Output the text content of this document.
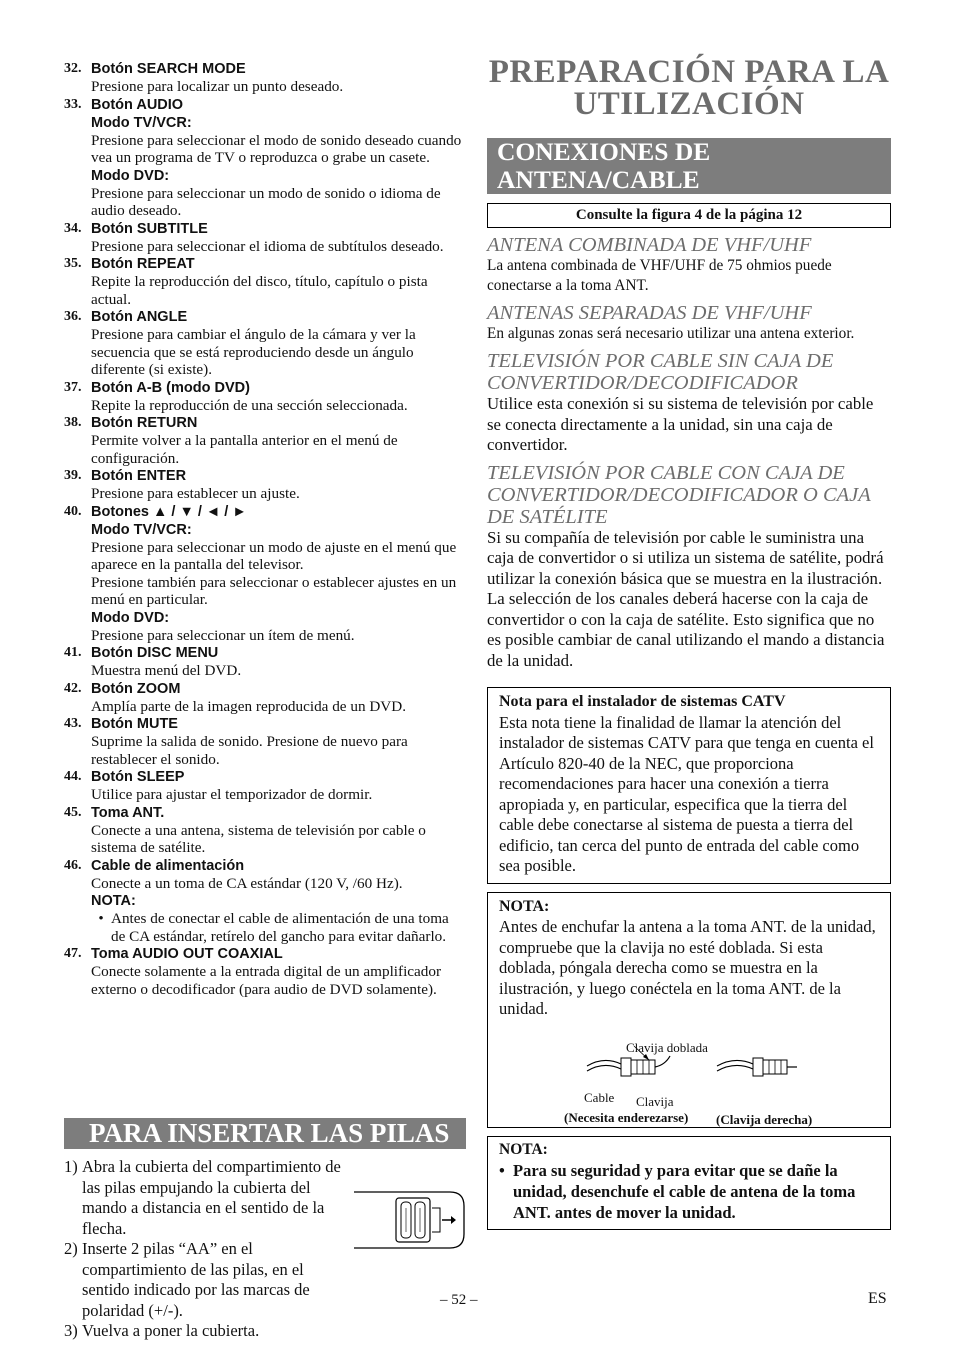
32. Botón SEARCH MODE
Presione para localizar un punto deseado.
33. Botón AUDIO
Modo TV/VCR:
Presione para seleccionar el modo de sonido deseado cuando vea un programa de TV o reproduzca o grabe un casete.
Modo DVD:
Presione para seleccionar un modo de sonido o idioma de audio deseado.
34. Botón SUBTITLE
Presione para seleccionar el idioma de subtítulos deseado.
35. Botón REPEAT
Repite la reproducción del disco, título, capítulo o pista actual.
36. Botón ANGLE
Presione para cambiar el ángulo de la cámara y ver la secuencia que se está reproduciendo desde un ángulo diferente (si existe).
37. Botón A-B (modo DVD)
Repite la reproducción de una sección seleccionada.
38. Botón RETURN
Permite volver a la pantalla anterior en el menú de configuración.
39. Botón ENTER
Presione para establecer un ajuste.
40. Botones ▲ / ▼ / ◄ / ►
Modo TV/VCR:
Presione para seleccionar un modo de ajuste en el menú que aparece en la pantalla del televisor.
Presione también para seleccionar o establecer ajustes en un menú en particular.
Modo DVD:
Presione para seleccionar un ítem de menú.
41. Botón DISC MENU
Muestra menú del DVD.
42. Botón ZOOM
Amplía parte de la imagen reproducida de un DVD.
43. Botón MUTE
Suprime la salida de sonido. Presione de nuevo para restablecer el sonido.
44. Botón SLEEP
Utilice para ajustar el temporizador de dormir.
45. Toma ANT.
Conecte a una antena, sistema de televisión por cable o sistema de satélite.
46. Cable de alimentación
Conecte a un toma de CA estándar (120 V, /60 Hz).
NOTA:
• Antes de conectar el cable de alimentación de una toma de CA estándar, retírelo del gancho para evitar dañarlo.
47. Toma AUDIO OUT COAXIAL
Conecte solamente a la entrada digital de un amplificador externo o decodificador (para audio de DVD solamente).
PARA INSERTAR LAS PILAS
1) Abra la cubierta del compartimiento de las pilas empujando la cubierta del mando a distancia en el sentido de la flecha.
2) Inserte 2 pilas “AA” en el compartimiento de las pilas, en el sentido indicado por las marcas de polaridad (+/-).
3) Vuelva a poner la cubierta.
PREPARACIÓN PARA LA
UTILIZACIÓN
CONEXIONES DE ANTENA/CABLE
Consulte la figura 4 de la página 12
ANTENA COMBINADA DE VHF/UHF
La antena combinada de VHF/UHF de 75 ohmios puede conectarse a la toma ANT.
ANTENAS SEPARADAS DE VHF/UHF
En algunas zonas será necesario utilizar una antena exterior.
TELEVISIÓN POR CABLE SIN CAJA DE CONVERTIDOR/DECODIFICADOR
Utilice esta conexión si su sistema de televisión por cable se conecta directamente a la unidad, sin una caja de convertidor.
TELEVISIÓN POR CABLE CON CAJA DE CONVERTIDOR/DECODIFICADOR O CAJA DE SATÉLITE
Si su compañía de televisión por cable le suministra una caja de convertidor o si utiliza un sistema de satélite, podrá utilizar la conexión básica que se muestra en la ilustración.
La selección de los canales deberá hacerse con la caja de convertidor o con la caja de satélite. Esto significa que no es posible cambiar de canal utilizando el mando a distancia de la unidad.
Nota para el instalador de sistemas CATV
Esta nota tiene la finalidad de llamar la atención del instalador de sistemas CATV para que tenga en cuenta el Artículo 820-40 de la NEC, que proporciona recomendaciones para hacer una conexión a tierra apropiada y, en particular, especifica que la tierra del cable debe conectarse al sistema de puesta a tierra del edificio, tan cerca del punto de entrada del cable como sea posible.
NOTA:
Antes de enchufar la antena a la toma ANT. de la unidad, compruebe que la clavija no esté doblada. Si esta doblada, póngala derecha como se muestra en la ilustración, y luego conéctela en la toma ANT. de la unidad.
Clavija doblada
Cable Clavija
(Necesita enderezarse) (Clavija derecha)
NOTA:
• Para su seguridad y para evitar que se dañe la unidad, desenchufe el cable de antena de la toma ANT. antes de mover la unidad.
– 52 –	ES
